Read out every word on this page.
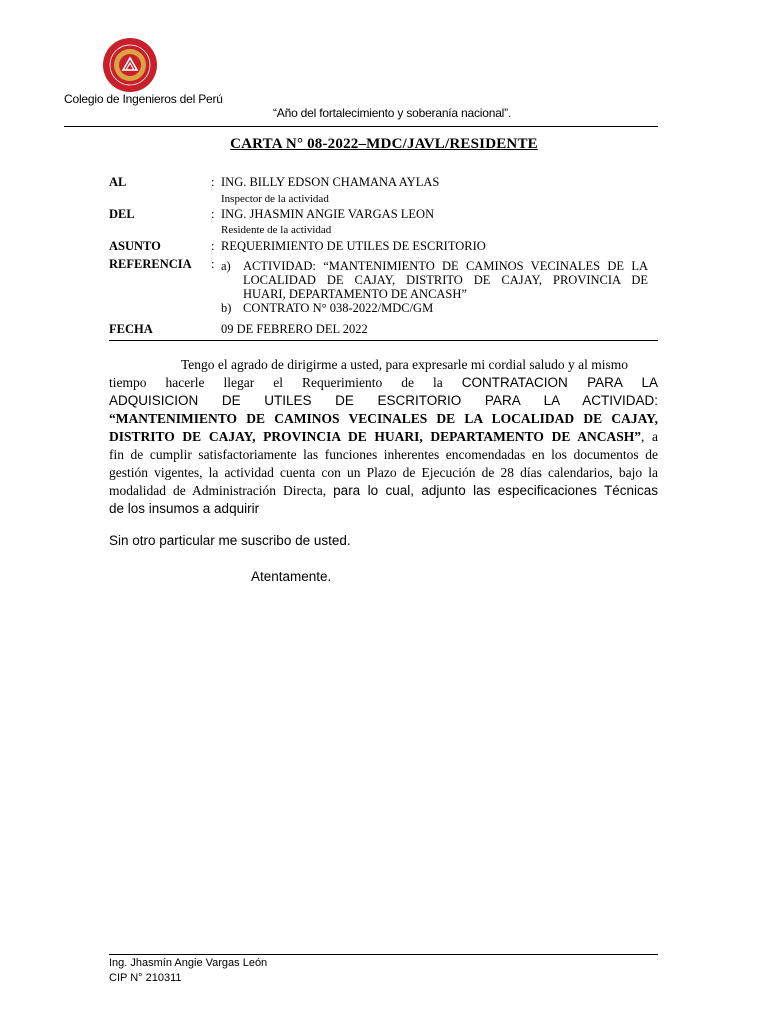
Colegio de Ingenieros del Perú
“Año del fortalecimiento y soberanía nacional”.
CARTA N° 08-2022–MDC/JAVL/RESIDENTE
AL	: ING. BILLY EDSON CHAMANA AYLAS
Inspector de la actividad
DEL	: ING. JHASMIN ANGIE VARGAS LEON
Residente de la actividad
ASUNTO	: REQUERIMIENTO DE UTILES DE ESCRITORIO
REFERENCIA : a) ACTIVIDAD: “MANTENIMIENTO DE CAMINOS VECINALES DE LA
LOCALIDAD DE CAJAY, DISTRITO DE CAJAY, PROVINCIA DE
HUARI, DEPARTAMENTO DE ANCASH”
b) CONTRATO N° 038-2022/MDC/GM
FECHA	09 DE FEBRERO DEL 2022
Tengo el agrado de dirigirme a usted, para expresarle mi cordial saludo y al mismo
tiempo hacerle llegar el Requerimiento de la CONTRATACION PARA LA
ADQUISICION DE UTILES DE ESCRITORIO PARA LA ACTIVIDAD:
“MANTENIMIENTO DE CAMINOS VECINALES DE LA LOCALIDAD DE CAJAY,
DISTRITO DE CAJAY, PROVINCIA DE HUARI, DEPARTAMENTO DE ANCASH”, a
fin de cumplir satisfactoriamente las funciones inherentes encomendadas en los documentos de
gestión vigentes, la actividad cuenta con un Plazo de Ejecución de 28 días calendarios, bajo la
modalidad de Administración Directa, para lo cual, adjunto las especificaciones Técnicas
de los insumos a adquirir
Sin otro particular me suscribo de usted.
Atentamente.
Ing. Jhasmín Angie Vargas León
CIP N° 210311
